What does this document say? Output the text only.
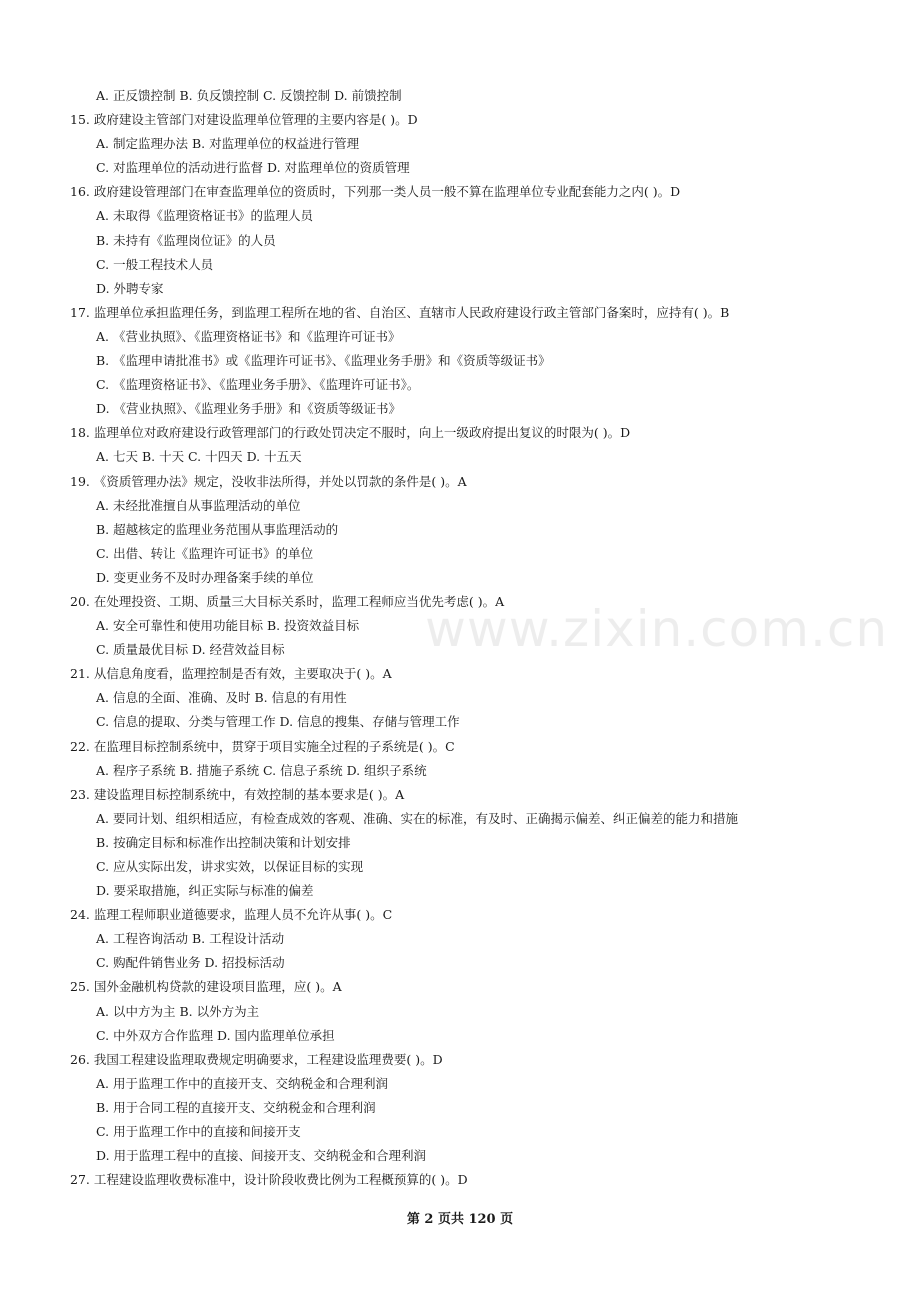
A. 正反馈控制 B. 负反馈控制 C. 反馈控制 D. 前馈控制
15. 政府建设主管部门对建设监理单位管理的主要内容是( )。D
A. 制定监理办法 B. 对监理单位的权益进行管理
C. 对监理单位的活动进行监督 D. 对监理单位的资质管理
16. 政府建设管理部门在审查监理单位的资质时，下列那一类人员一般不算在监理单位专业配套能力之内( )。D
A. 未取得《监理资格证书》的监理人员
B. 未持有《监理岗位证》的人员
C. 一般工程技术人员
D. 外聘专家
17. 监理单位承担监理任务，到监理工程所在地的省、自治区、直辖市人民政府建设行政主管部门备案时，应持有( )。B
A. 《营业执照》、《监理资格证书》和《监理许可证书》
B. 《监理申请批准书》或《监理许可证书》、《监理业务手册》和《资质等级证书》
C. 《监理资格证书》、《监理业务手册》、《监理许可证书》。
D. 《营业执照》、《监理业务手册》和《资质等级证书》
18. 监理单位对政府建设行政管理部门的行政处罚决定不服时，向上一级政府提出复议的时限为( )。D
A. 七天 B. 十天 C. 十四天 D. 十五天
19. 《资质管理办法》规定，没收非法所得，并处以罚款的条件是( )。A
A. 未经批准擅自从事监理活动的单位
B. 超越核定的监理业务范围从事监理活动的
C. 出借、转让《监理许可证书》的单位
D. 变更业务不及时办理备案手续的单位
20. 在处理投资、工期、质量三大目标关系时，监理工程师应当优先考虑( )。A
A. 安全可靠性和使用功能目标 B. 投资效益目标
C. 质量最优目标 D. 经营效益目标
21. 从信息角度看，监理控制是否有效，主要取决于( )。A
A. 信息的全面、准确、及时 B. 信息的有用性
C. 信息的提取、分类与管理工作 D. 信息的搜集、存储与管理工作
22. 在监理目标控制系统中，贯穿于项目实施全过程的子系统是( )。C
A. 程序子系统 B. 措施子系统 C. 信息子系统 D. 组织子系统
23. 建设监理目标控制系统中，有效控制的基本要求是( )。A
A. 要同计划、组织相适应，有检查成效的客观、准确、实在的标准，有及时、正确揭示偏差、纠正偏差的能力和措施
B. 按确定目标和标准作出控制决策和计划安排
C. 应从实际出发，讲求实效，以保证目标的实现
D. 要采取措施，纠正实际与标准的偏差
24. 监理工程师职业道德要求，监理人员不允许从事( )。C
A. 工程咨询活动 B. 工程设计活动
C. 购配件销售业务 D. 招投标活动
25. 国外金融机构贷款的建设项目监理，应( )。A
A. 以中方为主 B. 以外方为主
C. 中外双方合作监理 D. 国内监理单位承担
26. 我国工程建设监理取费规定明确要求，工程建设监理费要( )。D
A. 用于监理工作中的直接开支、交纳税金和合理利润
B. 用于合同工程的直接开支、交纳税金和合理利润
C. 用于监理工作中的直接和间接开支
D. 用于监理工程中的直接、间接开支、交纳税金和合理利润
27. 工程建设监理收费标准中，设计阶段收费比例为工程概预算的( )。D
www.zixin.com.cn
第 2 页共 120 页
